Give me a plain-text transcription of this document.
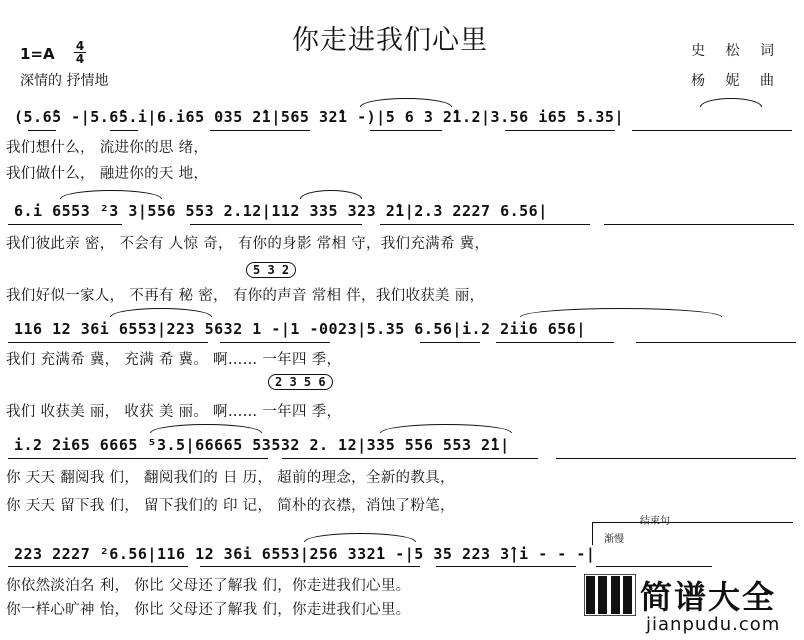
你走进我们心里
1=A	4
4
深情的 抒情地
史 松 词
杨 妮 曲
(5.6̂5 -|5.6̂5.i|6.i65 035 2̂1|565 32̂1 -)|5 6 3 2̂1.2|3.56 i65 5.35|
我们想什么， 流进你的思 绪，
我们做什么， 融进你的天 地，
6.i 6553 ²3 3|556 553 2.12|112 335 323 2̂1|2.3 2227 6.56|
我们彼此亲 密， 不会有 人惊 奇， 有你的身影 常相 守，我们充满希 冀，
我们好似一家人， 不再有 秘 密， 有你的声音 常相 伴，我们收获美 丽，
5 3 2
116 12 36i 6553|223 5632 1 -|1 -0023|5.35 6.56|i.2 2ii6 656|
我们 充满希 冀， 充满 希 冀。 啊…… 一年四 季，
我们 收获美 丽， 收获 美 丽。 啊…… 一年四 季，
2 3 5 6
i.2 2i65 6665 ⁵3.5|66665 53532 2. 12|335 556 553 2̂1|
你 天天 翻阅我 们， 翻阅我们的 日 历， 超前的理念，全新的教具，
你 天天 留下我 们， 留下我们的 印 记， 简朴的衣襟，消蚀了粉笔，
223 2227 ²6.56|116 12 36i 6553|256 332̂1 -|5 35 223 3̂|i - - -|
你依然淡泊名 利， 你比 父母还了解我 们，你走进我们心里。
你一样心旷神 怡， 你比 父母还了解我 们，你走进我们心里。
结束句
渐慢
简谱大全
jianpudu.com
